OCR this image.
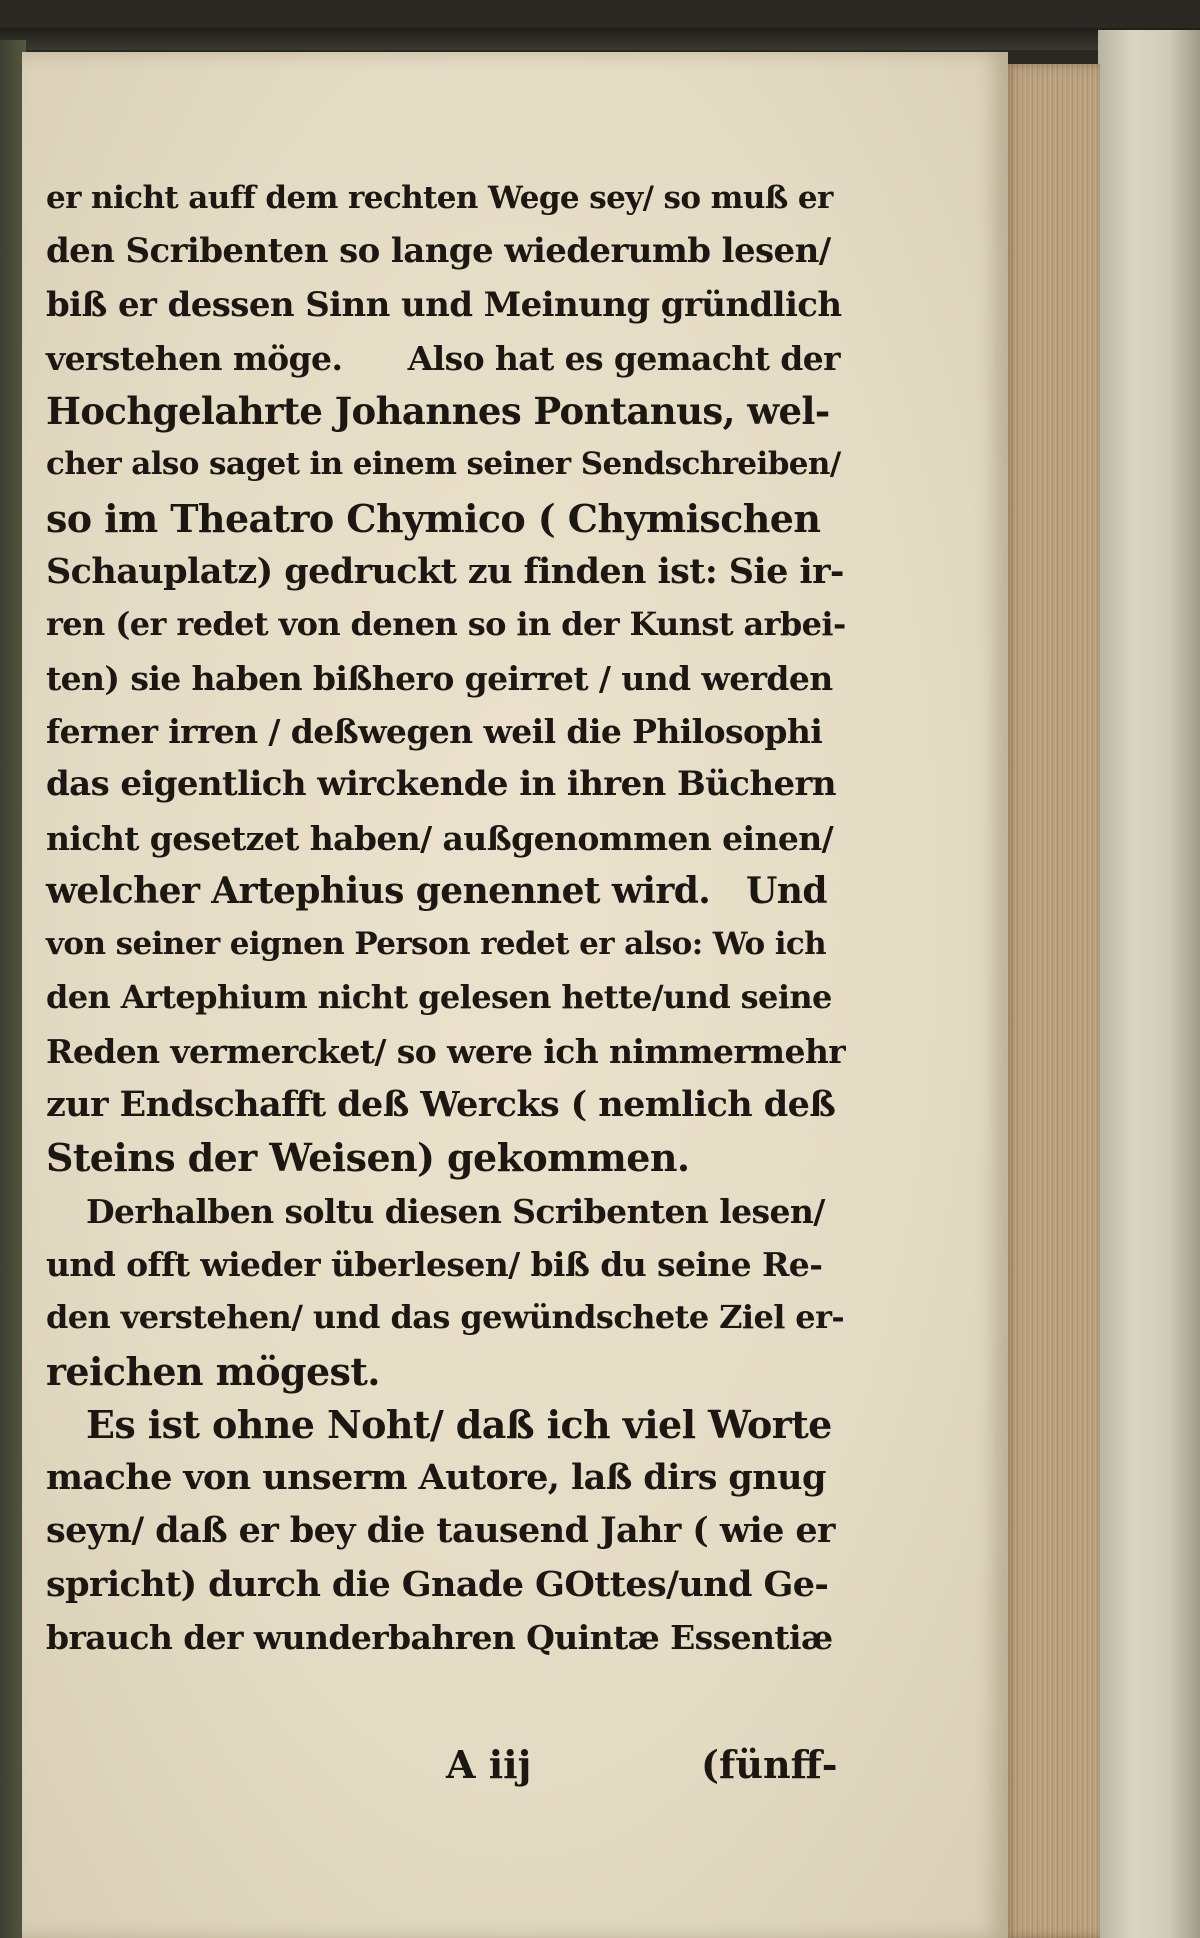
er nicht auff dem rechten Wege sey/ so muß er
den Scribenten so lange wiederumb lesen/
biß er dessen Sinn und Meinung gründlich
verstehen möge.      Also hat es gemacht der
Hochgelahrte Johannes Pontanus, wel-
cher also saget in einem seiner Sendschreiben/
so im Theatro Chymico ( Chymischen
Schauplatz) gedruckt zu finden ist: Sie ir-
ren (er redet von denen so in der Kunst arbei-
ten) sie haben bißhero geirret / und werden
ferner irren / deßwegen weil die Philosophi
das eigentlich wirckende in ihren Büchern
nicht gesetzet haben/ außgenommen einen/
welcher Artephius genennet wird.   Und
von seiner eignen Person redet er also: Wo ich
den Artephium nicht gelesen hette/und seine
Reden vermercket/ so were ich nimmermehr
zur Endschafft deß Wercks ( nemlich deß
Steins der Weisen) gekommen.
Derhalben soltu diesen Scribenten lesen/
und offt wieder überlesen/ biß du seine Re-
den verstehen/ und das gewündschete Ziel er-
reichen mögest.
Es ist ohne Noht/ daß ich viel Worte
mache von unserm Autore, laß dirs gnug
seyn/ daß er bey die tausend Jahr ( wie er
spricht) durch die Gnade GOttes/und Ge-
brauch der wunderbahren Quintæ Essentiæ
A iij	(fünff-
